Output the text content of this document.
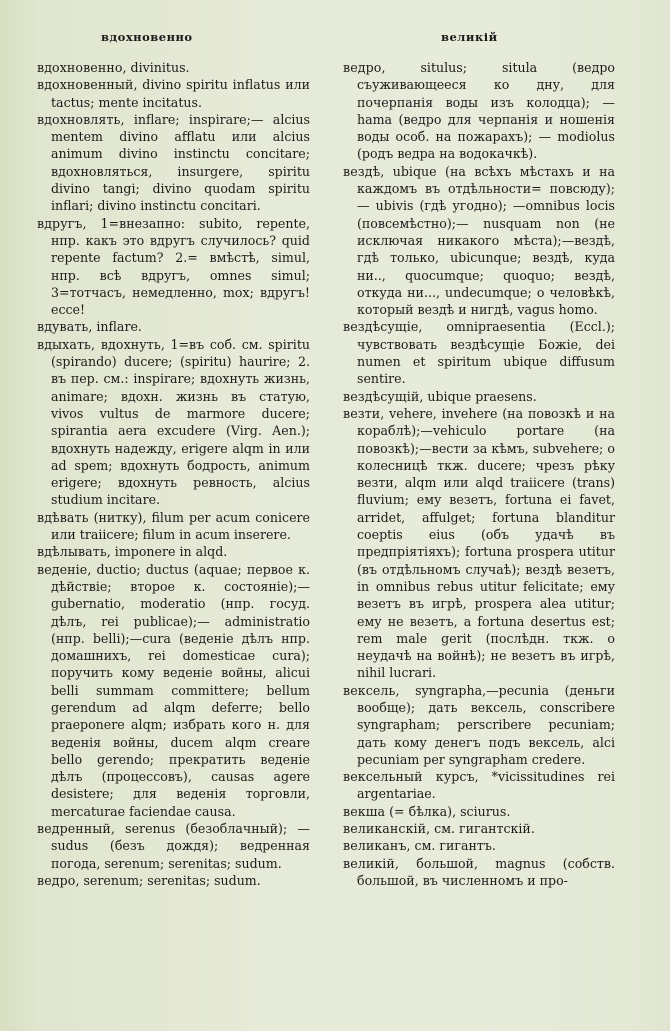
вдохновенно	великій

вдохновенно, divinitus.

вдохновенный, divino spiritu inflatus или tactus; mente incitatus.

вдохновлять, inflare; inspirare;— alcius mentem divino afflatu или alcius animum divino instinctu concitare; вдохновляться, insurgere, spiritu divino tangi; divino quodam spiritu inflari; divino instinctu concitari.

вдругъ, 1=внезапно: subito, repente, нпр. какъ это вдругъ случилось? quid repente factum? 2.= вмѣстѣ, simul, нпр. всѣ вдругъ, omnes simul; 3=тотчасъ, немедленно, mox; вдругъ! ecce!

вдувать, inflare.

вдыхать, вдохнуть, 1=въ соб. см. spiritu (spirando) ducere; (spiritu) haurire; 2. въ пер. см.: inspirare; вдохнуть жизнь, animare; вдохн. жизнь въ статую, vivos vultus de marmore ducere; spirantia aera excudere (Virg. Aen.); вдохнуть надежду, erigere alqm in или ad spem; вдохнуть бодрость, animum erigere; вдохнуть ревность, alcius studium incitare.

вдѣвать (нитку), filum per acum conicere или traiicere; filum in acum inserere.

вдѣлывать, imponere in alqd.

веденіе, ductio; ductus (aquae; первое к. дѣйствіе; второе к. состояніе);—gubernatio, moderatio (нпр. госуд. дѣлъ, rei publicae);— administratio (нпр. belli);—cura (веденіе дѣлъ нпр. домашнихъ, rei domesticae cura); поручить кому веденіе войны, alicui belli summam committere; bellum gerendum ad alqm deferre; bello praeponere alqm; избрать кого н. для веденія войны, ducem alqm creare bello gerendo; прекратить веденіе дѣлъ (процессовъ), causas agere desistere; для веденія торговли, mercaturae faciendae causa.

ведренный, serenus (безоблачный); —sudus (безъ дождя); ведренная погода, serenum; serenitas; sudum.

ведро, serenum; serenitas; sudum.

ведро, situlus; situla (ведро съуживающееся ко дну, для почерпанія воды изъ колодца); — hama (ведро для черпанія и ношенія воды особ. на пожарахъ); — modiolus (родъ ведра на водокачкѣ).

вездѣ, ubique (на всѣхъ мѣстахъ и на каждомъ въ отдѣльности= повсюду); — ubivis (гдѣ угодно); —omnibus locis (повсемѣстно);— nusquam non (не исключая никакого мѣста);—вездѣ, гдѣ только, ubicunque; вездѣ, куда ни.., quocumque; quoquo; вездѣ, откуда ни..., undecumque; о человѣкѣ, который вездѣ и нигдѣ, vagus homo.

вездѣсущіе, omnipraesentia (Eccl.); чувствовать вездѣсущіе Божіе, dei numen et spiritum ubique diffusum sentire.

вездѣсущій, ubique praesens.

везти, vehere, invehere (на повозкѣ и на кораблѣ);—vehiculo portare (на повозкѣ);—вести за кѣмъ, subvehere; о колесницѣ ткж. ducere; чрезъ рѣку везти, alqm или alqd traiicere (trans) fluvium; ему везетъ, fortuna ei favet, arridet, affulget; fortuna blanditur coeptis eius (объ удачѣ въ предпріятіяхъ); fortuna prospera utitur (въ отдѣльномъ случаѣ); вездѣ везетъ, in omnibus rebus utitur felicitate; ему везетъ въ игрѣ, prospera alea utitur; ему не везетъ, a fortuna desertus est; rem male gerit (послѣдн. ткж. о неудачѣ на войнѣ); не везетъ въ игрѣ, nihil lucrari.

вексель, syngrapha,—pecunia (деньги вообще); дать вексель, conscribere syngrapham; perscribere pecuniam; дать кому денегъ подъ вексель, alci pecuniam per syngrapham credere.

вексельный курсъ, *vicissitudines rei argentariae.

векша (= бѣлка), sciurus.

великанскій, см. гигантскій.

великанъ, см. гигантъ.

великій, большой, magnus (собств. большой, въ численномъ и про-
